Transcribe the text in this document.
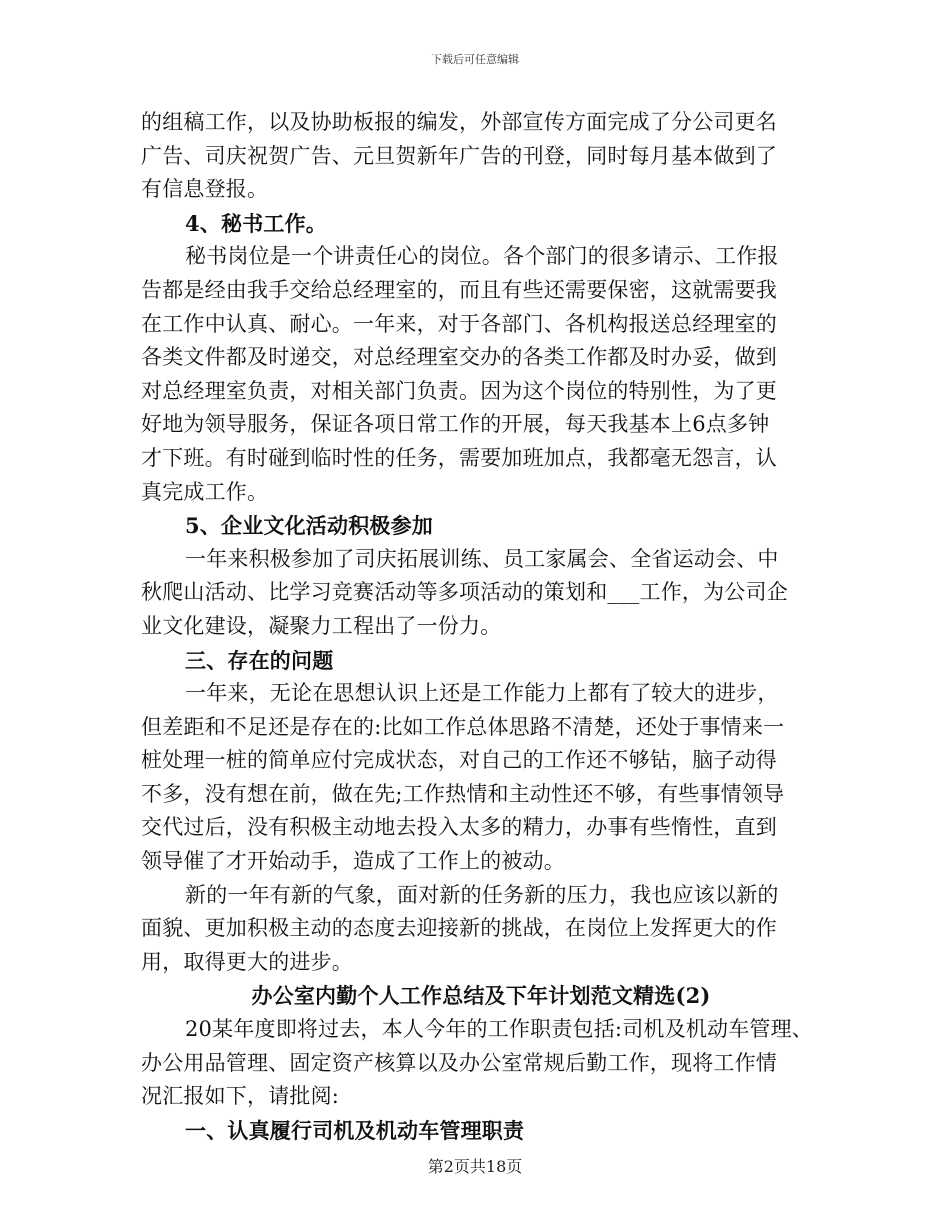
下载后可任意编辑
的组稿工作，以及协助板报的编发，外部宣传方面完成了分公司更名
广告、司庆祝贺广告、元旦贺新年广告的刊登，同时每月基本做到了
有信息登报。
4、秘书工作。
秘书岗位是一个讲责任心的岗位。各个部门的很多请示、工作报
告都是经由我手交给总经理室的，而且有些还需要保密，这就需要我
在工作中认真、耐心。一年来，对于各部门、各机构报送总经理室的
各类文件都及时递交，对总经理室交办的各类工作都及时办妥，做到
对总经理室负责，对相关部门负责。因为这个岗位的特别性，为了更
好地为领导服务，保证各项日常工作的开展，每天我基本上6点多钟
才下班。有时碰到临时性的任务，需要加班加点，我都毫无怨言，认
真完成工作。
5、企业文化活动积极参加
一年来积极参加了司庆拓展训练、员工家属会、全省运动会、中
秋爬山活动、比学习竞赛活动等多项活动的策划和___工作，为公司企
业文化建设，凝聚力工程出了一份力。
三、存在的问题
一年来，无论在思想认识上还是工作能力上都有了较大的进步，
但差距和不足还是存在的:比如工作总体思路不清楚，还处于事情来一
桩处理一桩的简单应付完成状态，对自己的工作还不够钻，脑子动得
不多，没有想在前，做在先;工作热情和主动性还不够，有些事情领导
交代过后，没有积极主动地去投入太多的精力，办事有些惰性，直到
领导催了才开始动手，造成了工作上的被动。
新的一年有新的气象，面对新的任务新的压力，我也应该以新的
面貌、更加积极主动的态度去迎接新的挑战，在岗位上发挥更大的作
用，取得更大的进步。
办公室内勤个人工作总结及下年计划范文精选(2)
20某年度即将过去，本人今年的工作职责包括:司机及机动车管理、
办公用品管理、固定资产核算以及办公室常规后勤工作，现将工作情
况汇报如下，请批阅:
一、认真履行司机及机动车管理职责
第2页共18页
